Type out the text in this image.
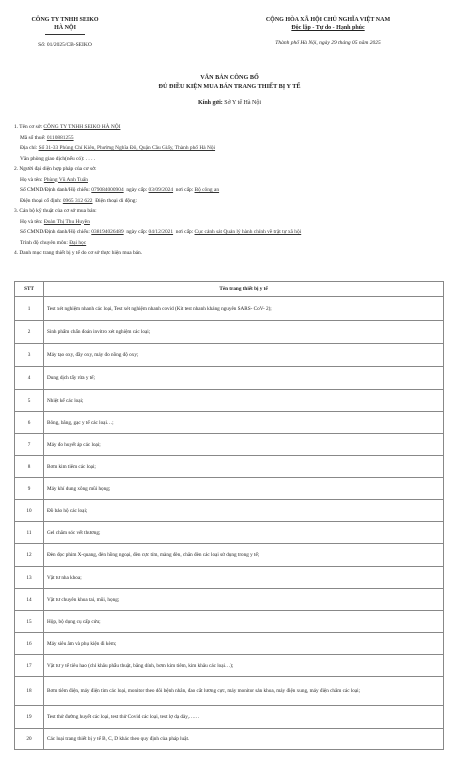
CÔNG TY TNHH SEIKO
HÀ NỘI
Số: 01/2025/CB-SEIKO
CỘNG HÒA XÃ HỘI CHỦ NGHĨA VIỆT NAM
Độc lập - Tự do - Hạnh phúc
Thành phố Hà Nội, ngày 29 tháng 05 năm 2025
VĂN BẢN CÔNG BỐ
ĐỦ ĐIỀU KIỆN MUA BÁN TRANG THIẾT BỊ Y TẾ
Kính gửi: Sở Y tế Hà Nội
1. Tên cơ sở: CÔNG TY TNHH SEIKO HÀ NỘI
Mã số thuế: 0110881255
Địa chỉ: Số 31-33 Phùng Chí Kiên, Phường Nghĩa Đô, Quận Cầu Giấy, Thành phố Hà Nội
Văn phòng giao dịch(nếu có): . . . .
2. Người đại diện hợp pháp của cơ sở:
Họ và tên: Phùng Vũ Anh Tuấn
Số CMND/Định danh/Hộ chiếu: 079084000904 ngày cấp: 03/09/2024 nơi cấp: Bộ công an
Điện thoại cố định: 0965 312 622 Điện thoại di động:
3. Cán bộ kỹ thuật của cơ sở mua bán:
Họ và tên: Đoàn Thị Thu Huyền
Số CMND/Định danh/Hộ chiếu: 038194026489 ngày cấp: 04/12/2021 nơi cấp: Cục cảnh sát Quản lý hành chính về trật tự xã hội
Trình độ chuyên môn: Đại học
4. Danh mục trang thiết bị y tế do cơ sở thực hiện mua bán.
STT	Tên trang thiết bị y tế
1	Test xét nghiệm nhanh các loại, Test xét nghiệm nhanh covid (Kit test nhanh kháng nguyên SARS- CoV- 2);
2	Sinh phẩm chẩn đoán invitro xét nghiệm các loại;
3	Máy tạo oxy, đầy oxy, máy đo nồng độ oxy;
4	Dung dịch tẩy rửa y tế;
5	Nhiệt kế các loại;
6	Bông, băng, gạc y tế các loại…;
7	Máy đo huyết áp các loại;
8	Bơm kim tiêm các loại;
9	Máy khí dung xông mũi họng;
10	Đồ bảo hộ các loại;
11	Gel chăm sóc vết thương;
12	Đèn đọc phim X-quang, đèn hồng ngoại, đèn cực tím, màng đèn, chăn đèn các loại sử dụng trong y tế;
13	Vật tư nha khoa;
14	Vật tư chuyên khoa tai, mũi, họng;
15	Hộp, bộ dụng cụ cấp cứu;
16	Máy siêu âm và phụ kiện đi kèm;
17	Vật tư y tế tiêu hao (chỉ khâu phẫu thuật, băng dính, bơm kim tiêm, kim khâu các loại…);
18	Bơm tiêm điện, máy điện tim các loại, monitor theo dõi bệnh nhân, đao cắt lương cực, máy monitor sản khoa, máy điện xung, máy điện châm các loại;
19	Test thử đường huyết các loại, test thử Covid các loại, test lợ dạ dày,……
20	Các loại trang thiết bị y tế B, C, D khác theo quy định của pháp luật.
